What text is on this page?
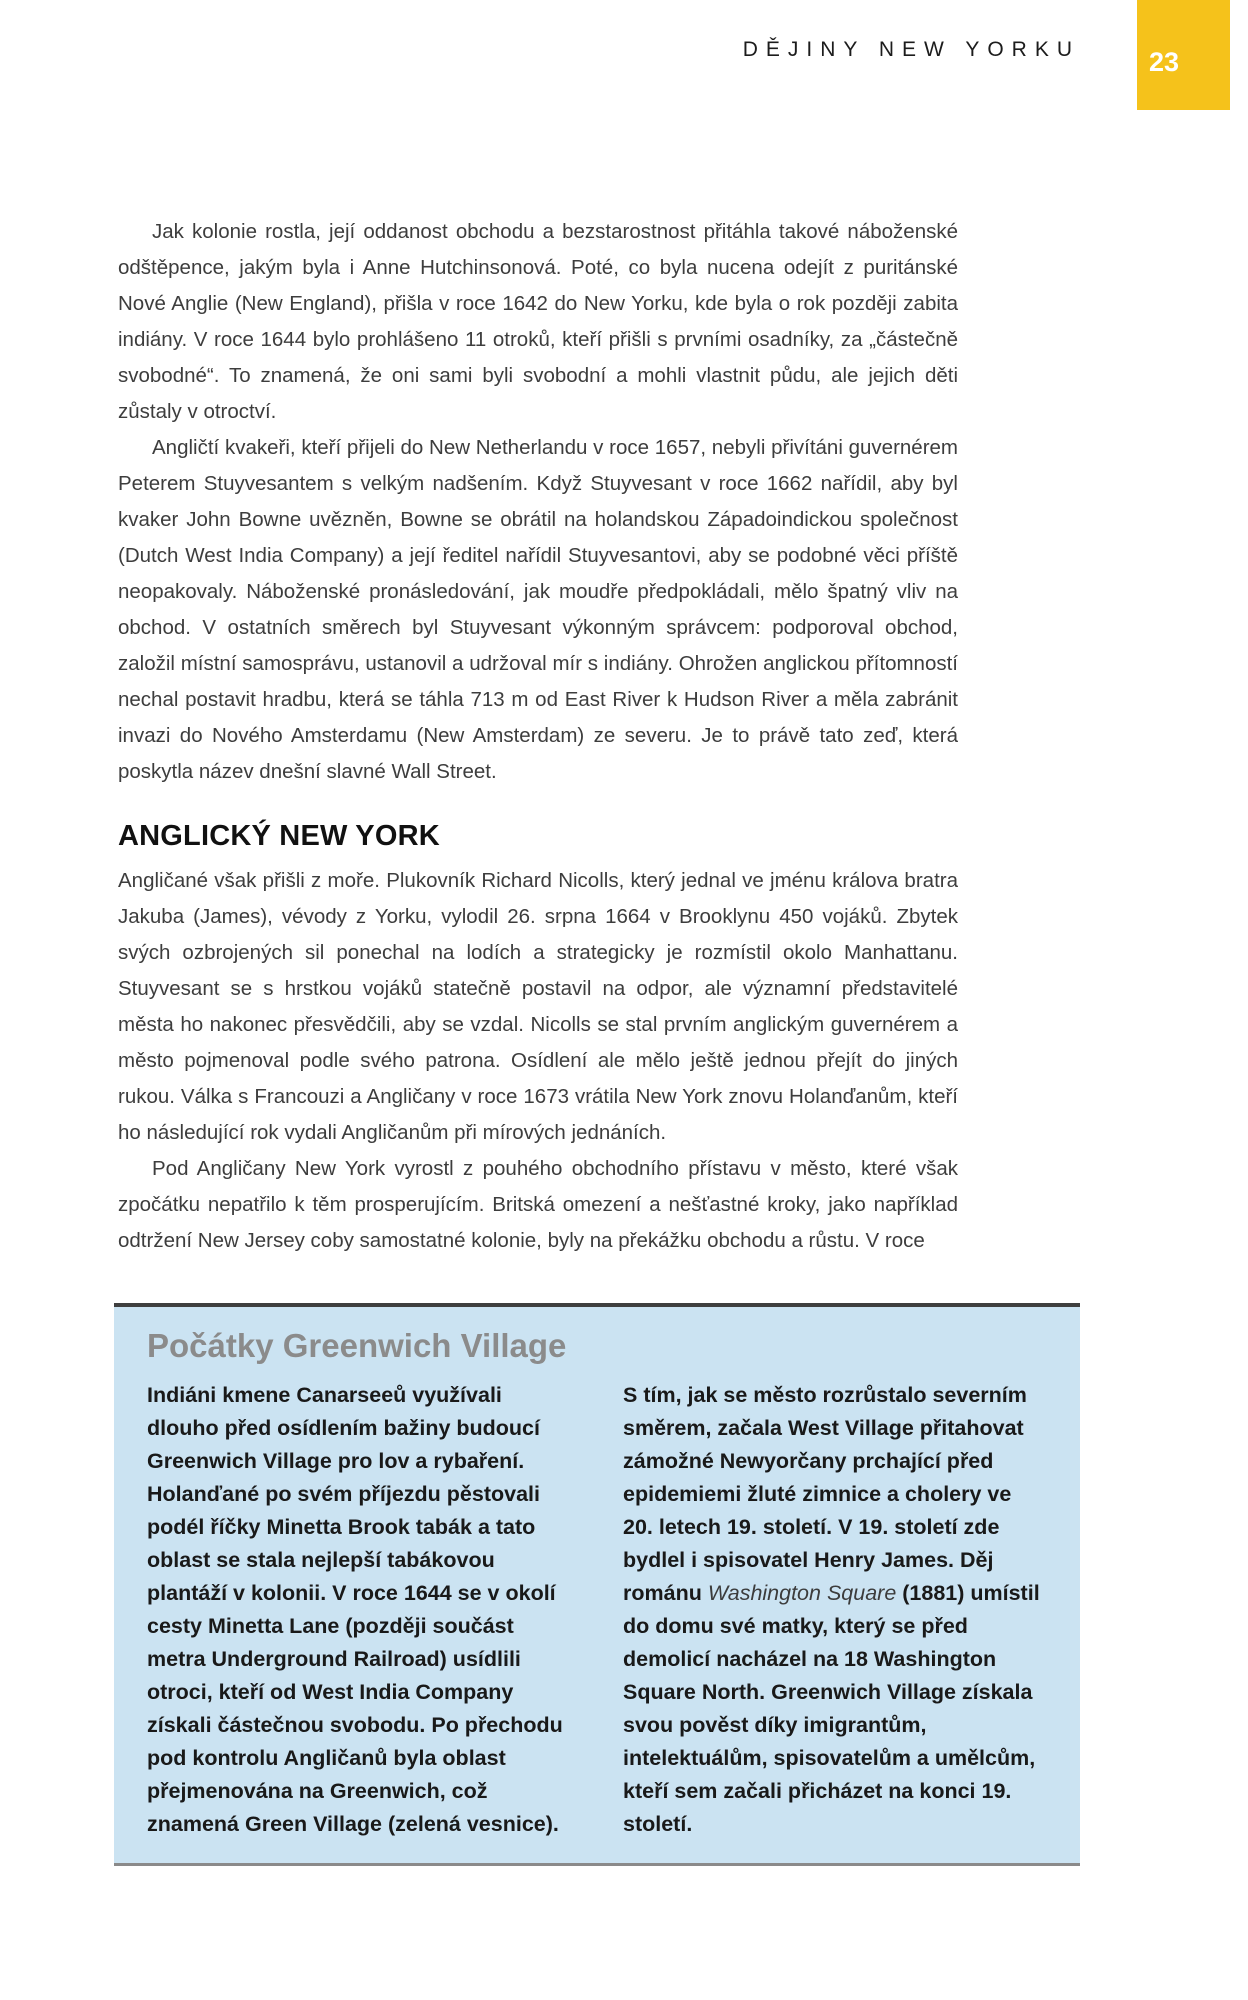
DĚJINY NEW YORKU	23

Jak kolonie rostla, její oddanost obchodu a bezstarostnost přitáhla takové náboženské odštěpence, jakým byla i Anne Hutchinsonová. Poté, co byla nucena odejít z puritánské Nové Anglie (New England), přišla v roce 1642 do New Yorku, kde byla o rok později zabita indiány. V roce 1644 bylo prohlášeno 11 otroků, kteří přišli s prvními osadníky, za „částečně svobodné“. To znamená, že oni sami byli svobodní a mohli vlastnit půdu, ale jejich děti zůstaly v otroctví.

Angličtí kvakeři, kteří přijeli do New Netherlandu v roce 1657, nebyli přivítáni guvernérem Peterem Stuyvesantem s velkým nadšením. Když Stuyvesant v roce 1662 nařídil, aby byl kvaker John Bowne uvězněn, Bowne se obrátil na holandskou Západoindickou společnost (Dutch West India Company) a její ředitel nařídil Stuyvesantovi, aby se podobné věci příště neopakovaly. Náboženské pronásledování, jak moudře předpokládali, mělo špatný vliv na obchod. V ostatních směrech byl Stuyvesant výkonným správcem: podporoval obchod, založil místní samosprávu, ustanovil a udržoval mír s indiány. Ohrožen anglickou přítomností nechal postavit hradbu, která se táhla 713 m od East River k Hudson River a měla zabránit invazi do Nového Amsterdamu (New Amsterdam) ze severu. Je to právě tato zeď, která poskytla název dnešní slavné Wall Street.

ANGLICKÝ NEW YORK

Angličané však přišli z moře. Plukovník Richard Nicolls, který jednal ve jménu králova bratra Jakuba (James), vévody z Yorku, vylodil 26. srpna 1664 v Brooklynu 450 vojáků. Zbytek svých ozbrojených sil ponechal na lodích a strategicky je rozmístil okolo Manhattanu. Stuyvesant se s hrstkou vojáků statečně postavil na odpor, ale významní představitelé města ho nakonec přesvědčili, aby se vzdal. Nicolls se stal prvním anglickým guvernérem a město pojmenoval podle svého patrona. Osídlení ale mělo ještě jednou přejít do jiných rukou. Válka s Francouzi a Angličany v roce 1673 vrátila New York znovu Holanďanům, kteří ho následující rok vydali Angličanům při mírových jednáních.

Pod Angličany New York vyrostl z pouhého obchodního přístavu v město, které však zpočátku nepatřilo k těm prosperujícím. Britská omezení a nešťastné kroky, jako například odtržení New Jersey coby samostatné kolonie, byly na překážku obchodu a růstu. V roce

Počátky Greenwich Village

Indiáni kmene Canarseeů využívali dlouho před osídlením bažiny budoucí Greenwich Village pro lov a rybaření. Holanďané po svém příjezdu pěstovali podél říčky Minetta Brook tabák a tato oblast se stala nejlepší tabákovou plantáží v kolonii. V roce 1644 se v okolí cesty Minetta Lane (později součást metra Underground Railroad) usídlili otroci, kteří od West India Company získali částečnou svobodu. Po přechodu pod kontrolu Angličanů byla oblast přejmenována na Greenwich, což znamená Green Village (zelená vesnice).

S tím, jak se město rozrůstalo severním směrem, začala West Village přitahovat zámožné Newyorčany prchající před epidemiemi žluté zimnice a cholery ve 20. letech 19. století. V 19. století zde bydlel i spisovatel Henry James. Děj románu Washington Square (1881) umístil do domu své matky, který se před demolicí nacházel na 18 Washington Square North. Greenwich Village získala svou pověst díky imigrantům, intelektuálům, spisovatelům a umělcům, kteří sem začali přicházet na konci 19. století.
